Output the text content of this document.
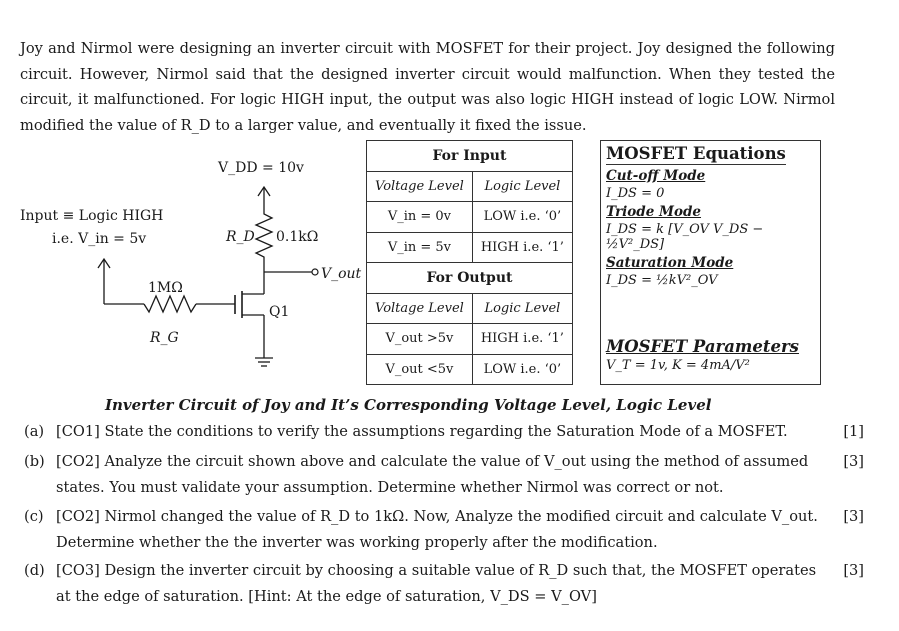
Joy and Nirmol were designing an inverter circuit with MOSFET for their project. Joy designed the following circuit. However, Nirmol said that the designed inverter circuit would malfunction. When they tested the circuit, it malfunctioned. For logic HIGH input, the output was also logic HIGH instead of logic LOW. Nirmol modified the value of R_D to a larger value, and eventually it fixed the issue.

V_DD = 10v
R_D 0.1kΩ
V_out
Q1
1MΩ
R_G
Input ≡ Logic HIGH
i.e. V_in = 5v
For Input	
Voltage Level	Logic Level
V_in = 0v	LOW i.e. ‘0’
V_in = 5v	HIGH i.e. ‘1’
For Output	
Voltage Level	Logic Level
V_out >5v	HIGH i.e. ‘1’
V_out <5v	LOW i.e. ‘0’
MOSFET Equations
Cut-off Mode
I_DS = 0
Triode Mode
I_DS = k [V_OV V_DS − ½V²_DS]
Saturation Mode
I_DS = ½kV²_OV
MOSFET Parameters
V_T = 1v, K = 4mA/V²
Inverter Circuit of Joy and It’s Corresponding Voltage Level, Logic Level
(a) [CO1] State the conditions to verify the assumptions regarding the Saturation Mode of a MOSFET.	[1]
(b) [CO2] Analyze the circuit shown above and calculate the value of V_out using the method of assumed states. You must validate your assumption. Determine whether Nirmol was correct or not.
[3]
(c) [CO2] Nirmol changed the value of R_D to 1kΩ. Now, Analyze the modified circuit and calculate V_out. Determine whether the the inverter was working properly after the modification.
[3]
(d) [CO3] Design the inverter circuit by choosing a suitable value of R_D such that, the MOSFET operates at the edge of saturation. [Hint: At the edge of saturation, V_DS = V_OV]
[3]
